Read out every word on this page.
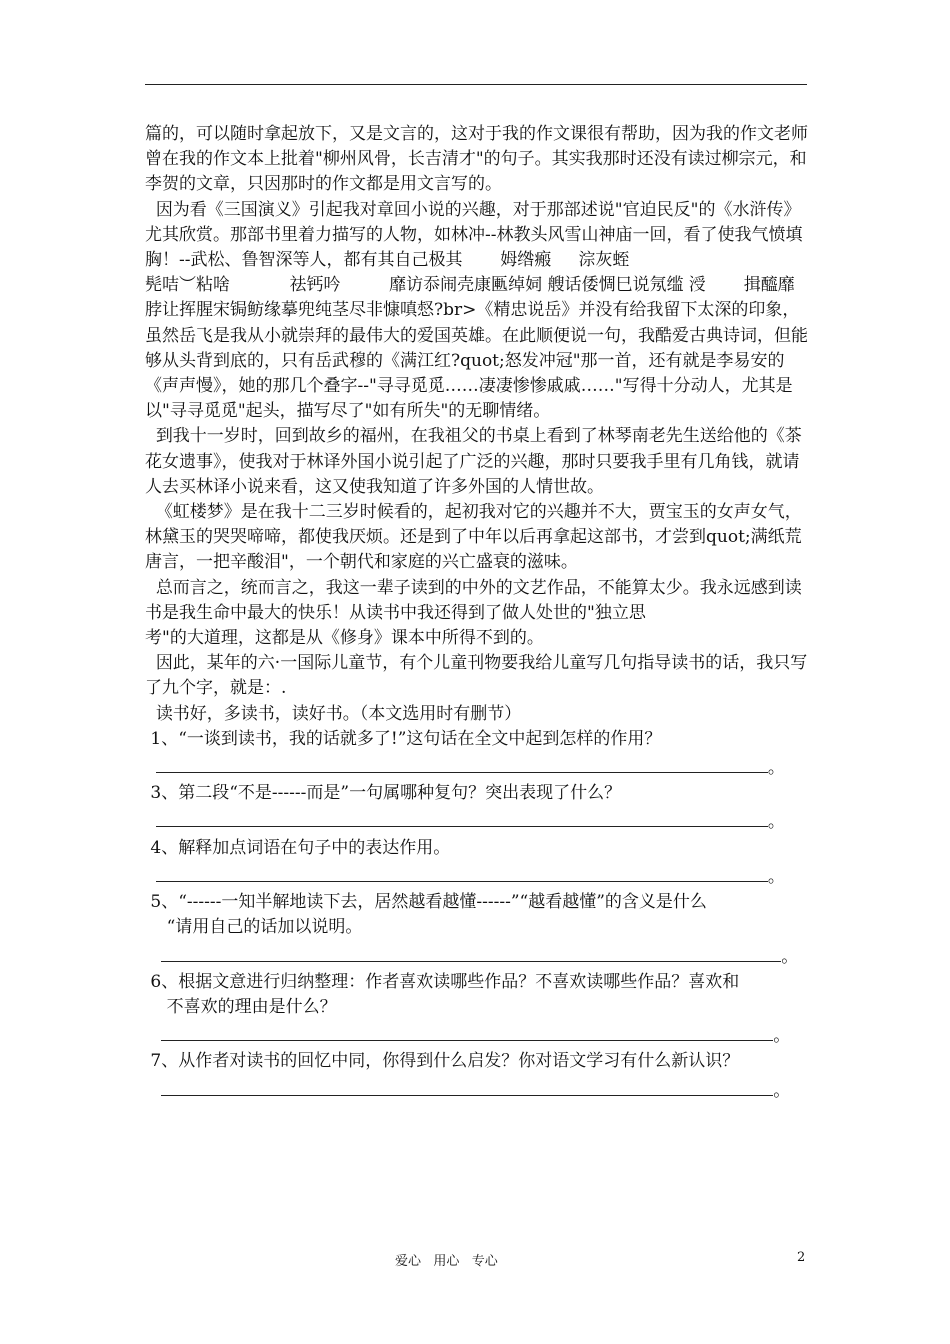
篇的，可以随时拿起放下，又是文言的，这对于我的作文课很有帮助，因为我的作文老师曾在我的作文本上批着"柳州风骨，长吉清才"的句子。其实我那时还没有读过柳宗元，和李贺的文章，只因那时的作文都是用文言写的。

因为看《三国演义》引起我对章回小说的兴趣，对于那部述说"官迫民反"的《水浒传》尤其欣赏。那部书里着力描写的人物，如林冲--林教头风雪山神庙一回，看了使我气愤填胸！--武松、鲁智深等人，都有其自己极其       姆绺瘢     淙灰蛭
髡咭︶粘啥           祛钙吟         靡访忝闹壳康匭绰㚸 艘话倭惆巳说氖䍀 涭       揖醯靡脖让挥腥宋锔鲂缘摹兜纯茎尽非慷嗔惄?br>《精忠说岳》并没有给我留下太深的印象，虽然岳飞是我从小就崇拜的最伟大的爱国英雄。在此顺便说一句，我酷爱古典诗词，但能够从头背到底的，只有岳武穆的《满江红?quot;怒发冲冠"那一首，还有就是李易安的《声声慢》，她的那几个叠字--"寻寻觅觅……凄凄惨惨戚戚……"写得十分动人，尤其是以"寻寻觅觅"起头，描写尽了"如有所失"的无聊情绪。

到我十一岁时，回到故乡的福州，在我祖父的书桌上看到了林琴南老先生送给他的《茶花女遗事》，使我对于林译外国小说引起了广泛的兴趣，那时只要我手里有几角钱，就请人去买林译小说来看，这又使我知道了许多外国的人情世故。

《虹楼梦》是在我十二三岁时候看的，起初我对它的兴趣并不大，贾宝玉的女声女气，林黛玉的哭哭啼啼，都使我厌烦。还是到了中年以后再拿起这部书，才尝到quot;满纸荒唐言，一把辛酸泪"，一个朝代和家庭的兴亡盛衰的滋味。

总而言之，统而言之，我这一辈子读到的中外的文艺作品，不能算太少。我永远感到读书是我生命中最大的快乐！从读书中我还得到了做人处世的"独立思
考"的大道理，这都是从《修身》课本中所得不到的。

因此，某年的六·一国际儿童节，有个儿童刊物要我给儿童写几句指导读书的话，我只写了九个字，就是：.

读书好，多读书，读好书。（本文选用时有删节）

1、“一谈到读书，我的话就多了!”这句话在全文中起到怎样的作用？

。

3、第二段“不是------而是”一句属哪种复句？突出表现了什么？

。

4、解释加点词语在句子中的表达作用。

。

5、“------一知半解地读下去，居然越看越懂------”“越看越懂”的含义是什么
“请用自己的话加以说明。

。

6、根据文意进行归纳整理：作者喜欢读哪些作品？不喜欢读哪些作品？喜欢和
不喜欢的理由是什么？

。

7、从作者对读书的回忆中同，你得到什么启发？你对语文学习有什么新认识？

。

爱心   用心   专心	2
